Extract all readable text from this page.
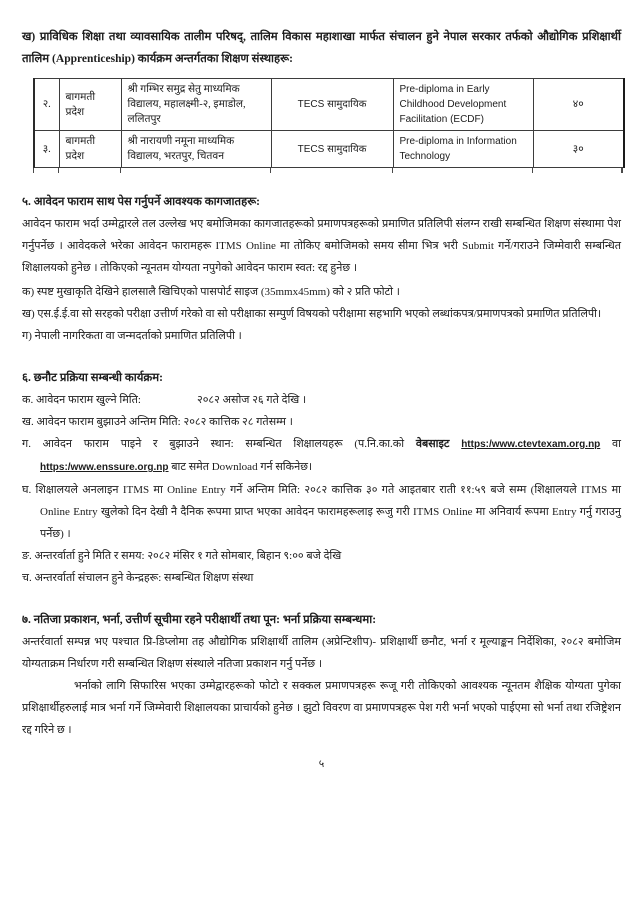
ख) प्राविधिक शिक्षा तथा व्यावसायिक तालीम परिषद्, तालिम विकास महाशाखा मार्फत संचालन हुने नेपाल सरकार तर्फको औद्योगिक प्रशिक्षार्थी तालिम (Apprenticeship) कार्यक्रम अन्तर्गतका शिक्षण संस्थाहरू:

२.	बागमती प्रदेश	श्री गम्भिर समुद्र सेतु माध्यमिक विद्यालय, महालक्ष्मी-२, इमाडोल, ललितपुर	TECS सामुदायिक	Pre-diploma in Early Childhood Development Facilitation (ECDF)	४०
३.	बागमती प्रदेश	श्री नारायणी नमूना माध्यमिक विद्यालय, भरतपुर, चितवन	TECS सामुदायिक	Pre-diploma in Information Technology	३०
५. आवेदन फाराम साथ पेस गर्नुपर्ने आवश्यक कागजातहरू:

आवेदन फाराम भर्दा उम्मेद्वारले तल उल्लेख भए बमोजिमका कागजातहरूको प्रमाणपत्रहरूको प्रमाणित प्रतिलिपी संलग्न राखी सम्बन्धित शिक्षण संस्थामा पेश गर्नुपर्नेछ । आवेदकले भरेका आवेदन फारामहरू ITMS Online मा तोकिए बमोजिमको समय सीमा भित्र भरी Submit गर्ने/गराउने जिम्मेवारी सम्बन्धित शिक्षालयको हुनेछ । तोकिएको न्यूनतम योग्यता नपुगेको आवेदन फाराम स्वत: रद्द हुनेछ ।

क) स्पष्ट मुखाकृति देखिने हालसालै खिचिएको पासपोर्ट साइज (35mmx45mm) को २ प्रति फोटो ।

ख) एस.ई.ई.वा सो सरहको परीक्षा उत्तीर्ण गरेको वा सो परीक्षाका सम्पुर्ण विषयको परीक्षामा सहभागि भएको लब्धांकपत्र/प्रमाणपत्रको प्रमाणित प्रतिलिपी।

ग) नेपाली नागरिकता वा जन्मदर्ताको प्रमाणित प्रतिलिपी ।

६. छनौट प्रक्रिया सम्बन्धी कार्यक्रम:

क. आवेदन फाराम खुल्ने मिति:	२०८२ असोज २६ गते देखि ।

ख. आवेदन फाराम बुझाउने अन्तिम मिति: २०८२ कात्तिक २८ गतेसम्म ।

ग. आवेदन फाराम पाइने र बुझाउने स्थान: सम्बन्धित शिक्षालयहरू (प.नि.का.को वेबसाइट https:/www.ctevtexam.org.np वा https:/www.enssure.org.np बाट समेत Download गर्न सकिनेछ।

घ. शिक्षालयले अनलाइन ITMS मा Online Entry गर्ने अन्तिम मिति: २०८२ कात्तिक ३० गते आइतबार राती ११:५९ बजे सम्म (शिक्षालयले ITMS मा Online Entry खुलेको दिन देखी नै दैनिक रूपमा प्राप्त भएका आवेदन फारामहरूलाइ रूजु गरी ITMS Online मा अनिवार्य रूपमा Entry गर्नु गराउनु पर्नेछ) ।

ङ. अन्तरर्वार्ता हुने मिति र समय: २०८२ मंसिर १ गते सोमबार, बिहान ९:०० बजे देखि

च. अन्तरर्वार्ता संचालन हुने केन्द्रहरू: सम्बन्धित शिक्षण संस्था

७. नतिजा प्रकाशन, भर्ना, उत्तीर्ण सूचीमा रहने परीक्षार्थी तथा पून: भर्ना प्रक्रिया सम्बन्धमा:

अन्तर्रवार्ता सम्पन्न भए पश्चात प्रि-डिप्लोमा तह औद्योगिक प्रशिक्षार्थी तालिम (अप्रेन्टिशीप)- प्रशिक्षार्थी छनौट, भर्ना र मूल्याङ्कन निर्देशिका, २०८२ बमोजिम योग्यताक्रम निर्धारण गरी सम्बन्धित शिक्षण संस्थाले नतिजा प्रकाशन गर्नु पर्नेछ ।

भर्नाको लागि सिफारिस भएका उम्मेद्वारहरूको फोटो र सक्कल प्रमाणपत्रहरू रूजू गरी तोकिएको आवश्यक न्यूनतम शैक्षिक योग्यता पुगेका प्रशिक्षार्थीहरुलाई मात्र भर्ना गर्ने जिम्मेवारी शिक्षालयका प्राचार्यको हुनेछ । झुटो विवरण वा प्रमाणपत्रहरू पेश गरी भर्ना भएको पाईएमा सो भर्ना तथा रजिष्ट्रेशन रद्द गरिने छ ।

५
